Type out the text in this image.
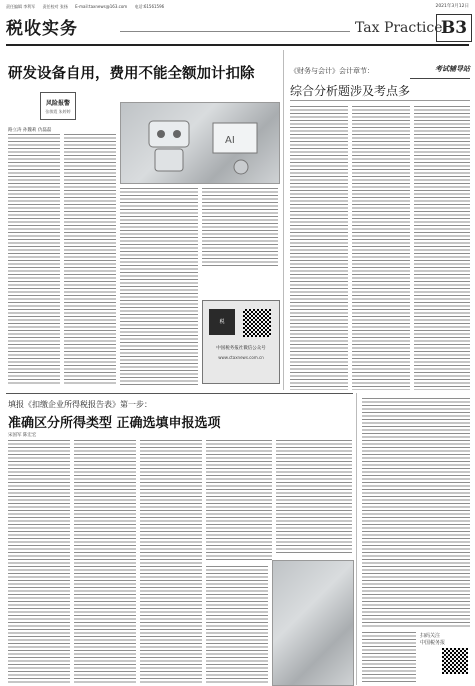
责任编辑 李利军 责任校对 张扬 E-mail:taxnews@163.com 电话:61561596	2021年3月12日
税收实务	Tax Practice
B3
研发设备自用，费用不能全额加计扣除
风险报警
张敏霞 朱婷婷
路立涛 孙魏莉 仇磊磊
AI
税
中国税务报社微信公众号
www.ctaxnews.com.cn
《财务与会计》会计章节：
综合分析题涉及考点多
考试辅导站
填报《扣缴企业所得税报告表》第一步：
准确区分所得类型 正确选填申报选项
宋国军 陈宏宏
扫码关注
中国税务报
